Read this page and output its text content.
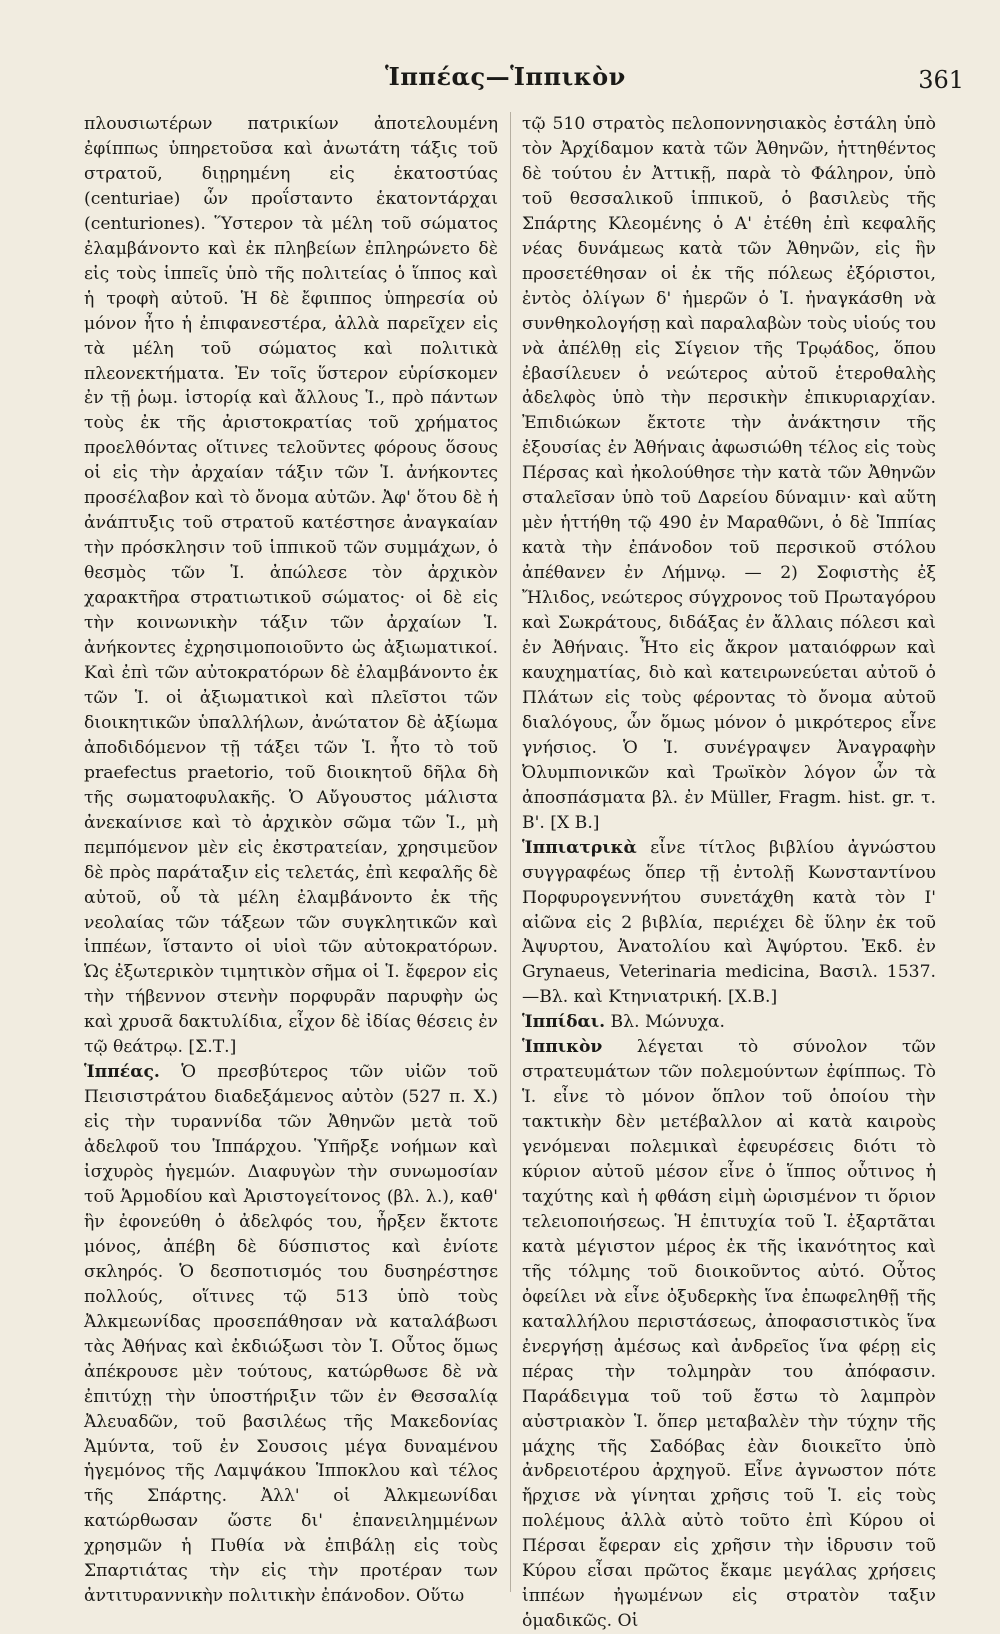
Ἱππέας—Ἱππικὸν	361

πλουσιωτέρων πατρικίων ἀποτελουμένη ἐφίππως ὑπηρετοῦσα καὶ ἀνωτάτη τάξις τοῦ στρατοῦ, διῃρημένη εἰς ἑκατοστύας (centuriae) ὧν προΐσταντο ἑκατοντάρχαι (centuriones). Ὕστερον τὰ μέλη τοῦ σώματος ἐλαμβάνοντο καὶ ἐκ πληβείων ἐπληρώνετο δὲ εἰς τοὺς ἱππεῖς ὑπὸ τῆς πολιτείας ὁ ἵππος καὶ ἡ τροφὴ αὐτοῦ. Ἡ δὲ ἔφιππος ὑπηρεσία οὐ μόνον ἦτο ἡ ἐπιφανεστέρα, ἀλλὰ παρεῖχεν εἰς τὰ μέλη τοῦ σώματος καὶ πολιτικὰ πλεονεκτήματα. Ἐν τοῖς ὕστερον εὑρίσκομεν ἐν τῇ ῥωμ. ἱστορίᾳ καὶ ἄλλους Ἱ., πρὸ πάντων τοὺς ἐκ τῆς ἀριστοκρατίας τοῦ χρήματος προελθόντας οἵτινες τελοῦντες φόρους ὅσους οἱ εἰς τὴν ἀρχαίαν τάξιν τῶν Ἱ. ἀνήκοντες προσέλαβον καὶ τὸ ὄνομα αὐτῶν. Ἀφ' ὅτου δὲ ἡ ἀνάπτυξις τοῦ στρατοῦ κατέστησε ἀναγκαίαν τὴν πρόσκλησιν τοῦ ἱππικοῦ τῶν συμμάχων, ὁ θεσμὸς τῶν Ἱ. ἀπώλεσε τὸν ἀρχικὸν χαρακτῆρα στρατιωτικοῦ σώματος· οἱ δὲ εἰς τὴν κοινωνικὴν τάξιν τῶν ἀρχαίων Ἱ. ἀνήκοντες ἐχρησιμοποιοῦντο ὡς ἀξιωματικοί. Καὶ ἐπὶ τῶν αὐτοκρατόρων δὲ ἐλαμβάνοντο ἐκ τῶν Ἱ. οἱ ἀξιωματικοὶ καὶ πλεῖστοι τῶν διοικητικῶν ὑπαλλήλων, ἀνώτατον δὲ ἀξίωμα ἀποδιδόμενον τῇ τάξει τῶν Ἱ. ἦτο τὸ τοῦ praefectus praetorio, τοῦ διοικητοῦ δῆλα δὴ τῆς σωματοφυλακῆς. Ὁ Αὔγουστος μάλιστα ἀνεκαίνισε καὶ τὸ ἀρχικὸν σῶμα τῶν Ἱ., μὴ πεμπόμενον μὲν εἰς ἐκστρατείαν, χρησιμεῦον δὲ πρὸς παράταξιν εἰς τελετάς, ἐπὶ κεφαλῆς δὲ αὐτοῦ, οὗ τὰ μέλη ἐλαμβάνοντο ἐκ τῆς νεολαίας τῶν τάξεων τῶν συγκλητικῶν καὶ ἱππέων, ἵσταντο οἱ υἱοὶ τῶν αὐτοκρατόρων. Ὡς ἐξωτερικὸν τιμητικὸν σῆμα οἱ Ἱ. ἔφερον εἰς τὴν τήβεννον στενὴν πορφυρᾶν παρυφὴν ὡς καὶ χρυσᾶ δακτυλίδια, εἶχον δὲ ἰδίας θέσεις ἐν τῷ θεάτρῳ. [Σ.Τ.]

Ἱππέας. Ὁ πρεσβύτερος τῶν υἱῶν τοῦ Πεισιστράτου διαδεξάμενος αὐτὸν (527 π. Χ.) εἰς τὴν τυραννίδα τῶν Ἀθηνῶν μετὰ τοῦ ἀδελφοῦ του Ἱππάρχου. Ὑπῆρξε νοήμων καὶ ἰσχυρὸς ἡγεμών. Διαφυγὼν τὴν συνωμοσίαν τοῦ Ἁρμοδίου καὶ Ἀριστογείτονος (βλ. λ.), καθ' ἣν ἐφονεύθη ὁ ἀδελφός του, ἦρξεν ἔκτοτε μόνος, ἀπέβη δὲ δύσπιστος καὶ ἐνίοτε σκληρός. Ὁ δεσποτισμός του δυσηρέστησε πολλούς, οἵτινες τῷ 513 ὑπὸ τοὺς Ἀλκμεωνίδας προσεπάθησαν νὰ καταλάβωσι τὰς Ἀθήνας καὶ ἐκδιώξωσι τὸν Ἱ. Οὗτος ὅμως ἀπέκρουσε μὲν τούτους, κατώρθωσε δὲ νὰ ἐπιτύχῃ τὴν ὑποστήριξιν τῶν ἐν Θεσσαλίᾳ Ἀλευαδῶν, τοῦ βασιλέως τῆς Μακεδονίας Ἀμύντα, τοῦ ἐν Σουσοις μέγα δυναμένου ἡγεμόνος τῆς Λαμψάκου Ἱπποκλου καὶ τέλος τῆς Σπάρτης. Ἀλλ' οἱ Ἀλκμεωνίδαι κατώρθωσαν ὥστε δι' ἐπανειλημμένων χρησμῶν ἡ Πυθία νὰ ἐπιβάλῃ εἰς τοὺς Σπαρτιάτας τὴν εἰς τὴν προτέραν των ἀντιτυραννικὴν πολιτικὴν ἐπάνοδον. Οὕτω

τῷ 510 στρατὸς πελοποννησιακὸς ἐστάλη ὑπὸ τὸν Ἀρχίδαμον κατὰ τῶν Ἀθηνῶν, ἡττηθέντος δὲ τούτου ἐν Ἀττικῇ, παρὰ τὸ Φάληρον, ὑπὸ τοῦ θεσσαλικοῦ ἱππικοῦ, ὁ βασιλεὺς τῆς Σπάρτης Κλεομένης ὁ Α' ἐτέθη ἐπὶ κεφαλῆς νέας δυνάμεως κατὰ τῶν Ἀθηνῶν, εἰς ἣν προσετέθησαν οἱ ἐκ τῆς πόλεως ἐξόριστοι, ἐντὸς ὀλίγων δ' ἡμερῶν ὁ Ἱ. ἠναγκάσθη νὰ συνθηκολογήσῃ καὶ παραλαβὼν τοὺς υἱούς του νὰ ἀπέλθῃ εἰς Σίγειον τῆς Τρῳάδος, ὅπου ἐβασίλευεν ὁ νεώτερος αὐτοῦ ἑτεροθαλὴς ἀδελφὸς ὑπὸ τὴν περσικὴν ἐπικυριαρχίαν. Ἐπιδιώκων ἔκτοτε τὴν ἀνάκτησιν τῆς ἐξουσίας ἐν Ἀθήναις ἀφωσιώθη τέλος εἰς τοὺς Πέρσας καὶ ἠκολούθησε τὴν κατὰ τῶν Ἀθηνῶν σταλεῖσαν ὑπὸ τοῦ Δαρείου δύναμιν· καὶ αὕτη μὲν ἡττήθη τῷ 490 ἐν Μαραθῶνι, ὁ δὲ Ἱππίας κατὰ τὴν ἐπάνοδον τοῦ περσικοῦ στόλου ἀπέθανεν ἐν Λήμνῳ. — 2) Σοφιστὴς ἐξ Ἤλιδος, νεώτερος σύγχρονος τοῦ Πρωταγόρου καὶ Σωκράτους, διδάξας ἐν ἄλλαις πόλεσι καὶ ἐν Ἀθήναις. Ἦτο εἰς ἄκρον ματαιόφρων καὶ καυχηματίας, διὸ καὶ κατειρωνεύεται αὐτοῦ ὁ Πλάτων εἰς τοὺς φέροντας τὸ ὄνομα αὐτοῦ διαλόγους, ὧν ὅμως μόνον ὁ μικρότερος εἶνε γνήσιος. Ὁ Ἱ. συνέγραψεν Ἀναγραφὴν Ὀλυμπιονικῶν καὶ Τρωϊκὸν λόγον ὧν τὰ ἀποσπάσματα βλ. ἐν Müller, Fragm. hist. gr. τ. Β'. [Χ Β.]

Ἱππιατρικὰ εἶνε τίτλος βιβλίου ἀγνώστου συγγραφέως ὅπερ τῇ ἐντολῇ Κωνσταντίνου Πορφυρογεννήτου συνετάχθη κατὰ τὸν Ι' αἰῶνα εἰς 2 βιβλία, περιέχει δὲ ὕλην ἐκ τοῦ Ἀψυρτου, Ἀνατολίου καὶ Ἀψύρτου. Ἐκδ. ἐν Grynaeus, Veterinaria medicina, Βασιλ. 1537.—Βλ. καὶ Κτηνιατρική. [Χ.Β.]

Ἱππίδαι. Βλ. Μώνυχα.

Ἱππικὸν λέγεται τὸ σύνολον τῶν στρατευμάτων τῶν πολεμούντων ἐφίππως. Τὸ Ἱ. εἶνε τὸ μόνον ὅπλον τοῦ ὁποίου τὴν τακτικὴν δὲν μετέβαλλον αἱ κατὰ καιροὺς γενόμεναι πολεμικαὶ ἐφευρέσεις διότι τὸ κύριον αὐτοῦ μέσον εἶνε ὁ ἵππος οὗτινος ἡ ταχύτης καὶ ἡ φθάση εἰμὴ ὡρισμένον τι ὅριον τελειοποιήσεως. Ἡ ἐπιτυχία τοῦ Ἱ. ἐξαρτᾶται κατὰ μέγιστον μέρος ἐκ τῆς ἱκανότητος καὶ τῆς τόλμης τοῦ διοικοῦντος αὐτό. Οὗτος ὀφείλει νὰ εἶνε ὀξυδερκὴς ἵνα ἐπωφεληθῇ τῆς καταλλήλου περιστάσεως, ἀποφασιστικὸς ἵνα ἐνεργήσῃ ἀμέσως καὶ ἀνδρεῖος ἵνα φέρῃ εἰς πέρας τὴν τολμηρὰν του ἀπόφασιν. Παράδειγμα τοῦ τοῦ ἔστω τὸ λαμπρὸν αὐστριακὸν Ἱ. ὅπερ μεταβαλὲν τὴν τύχην τῆς μάχης τῆς Σαδόβας ἐὰν διοικεῖτο ὑπὸ ἀνδρειοτέρου ἀρχηγοῦ. Εἶνε ἀγνωστον πότε ἤρχισε νὰ γίνηται χρῆσις τοῦ Ἱ. εἰς τοὺς πολέμους ἀλλὰ αὐτὸ τοῦτο ἐπὶ Κύρου οἱ Πέρσαι ἔφεραν εἰς χρῆσιν τὴν ἱδρυσιν τοῦ Κύρου εἶσαι πρῶτος ἔκαμε μεγάλας χρήσεις ἱππέων ἠγωμένων εἰς στρατὸν ταξιν ὁμαδικῶς. Οἱ
